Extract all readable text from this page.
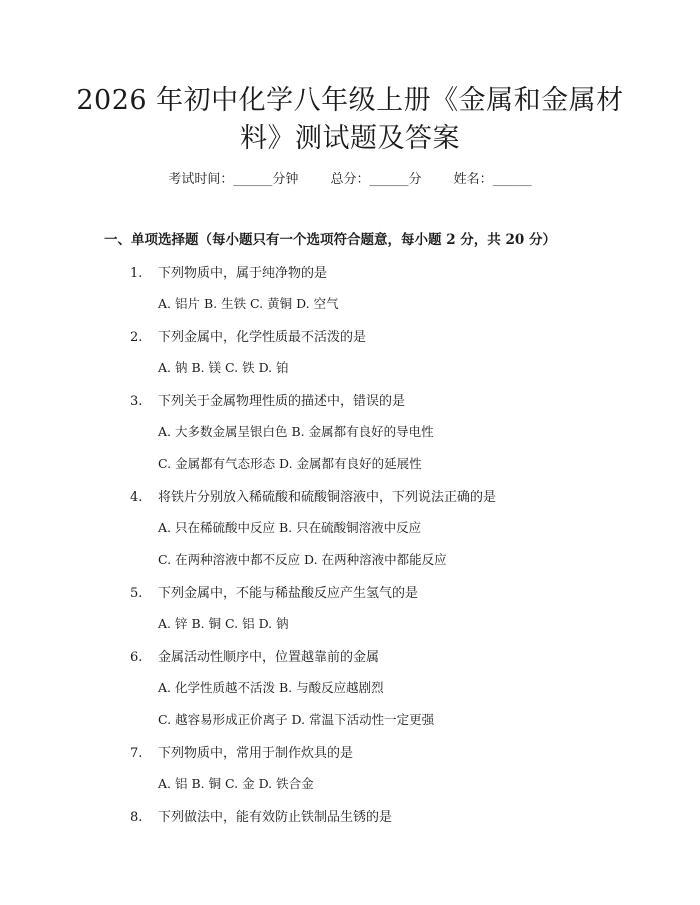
2026 年初中化学八年级上册《金属和金属材
料》测试题及答案
考试时间：______分钟 总分：______分 姓名：______
一、单项选择题（每小题只有一个选项符合题意，每小题 2 分，共 20 分）
1. 下列物质中，属于纯净物的是
A. 铝片 B. 生铁 C. 黄铜 D. 空气
2. 下列金属中，化学性质最不活泼的是
A. 钠 B. 镁 C. 铁 D. 铂
3. 下列关于金属物理性质的描述中，错误的是
A. 大多数金属呈银白色 B. 金属都有良好的导电性
C. 金属都有气态形态 D. 金属都有良好的延展性
4. 将铁片分别放入稀硫酸和硫酸铜溶液中，下列说法正确的是
A. 只在稀硫酸中反应 B. 只在硫酸铜溶液中反应
C. 在两种溶液中都不反应 D. 在两种溶液中都能反应
5. 下列金属中，不能与稀盐酸反应产生氢气的是
A. 锌 B. 铜 C. 铝 D. 钠
6. 金属活动性顺序中，位置越靠前的金属
A. 化学性质越不活泼 B. 与酸反应越剧烈
C. 越容易形成正价离子 D. 常温下活动性一定更强
7. 下列物质中，常用于制作炊具的是
A. 铝 B. 铜 C. 金 D. 铁合金
8. 下列做法中，能有效防止铁制品生锈的是
